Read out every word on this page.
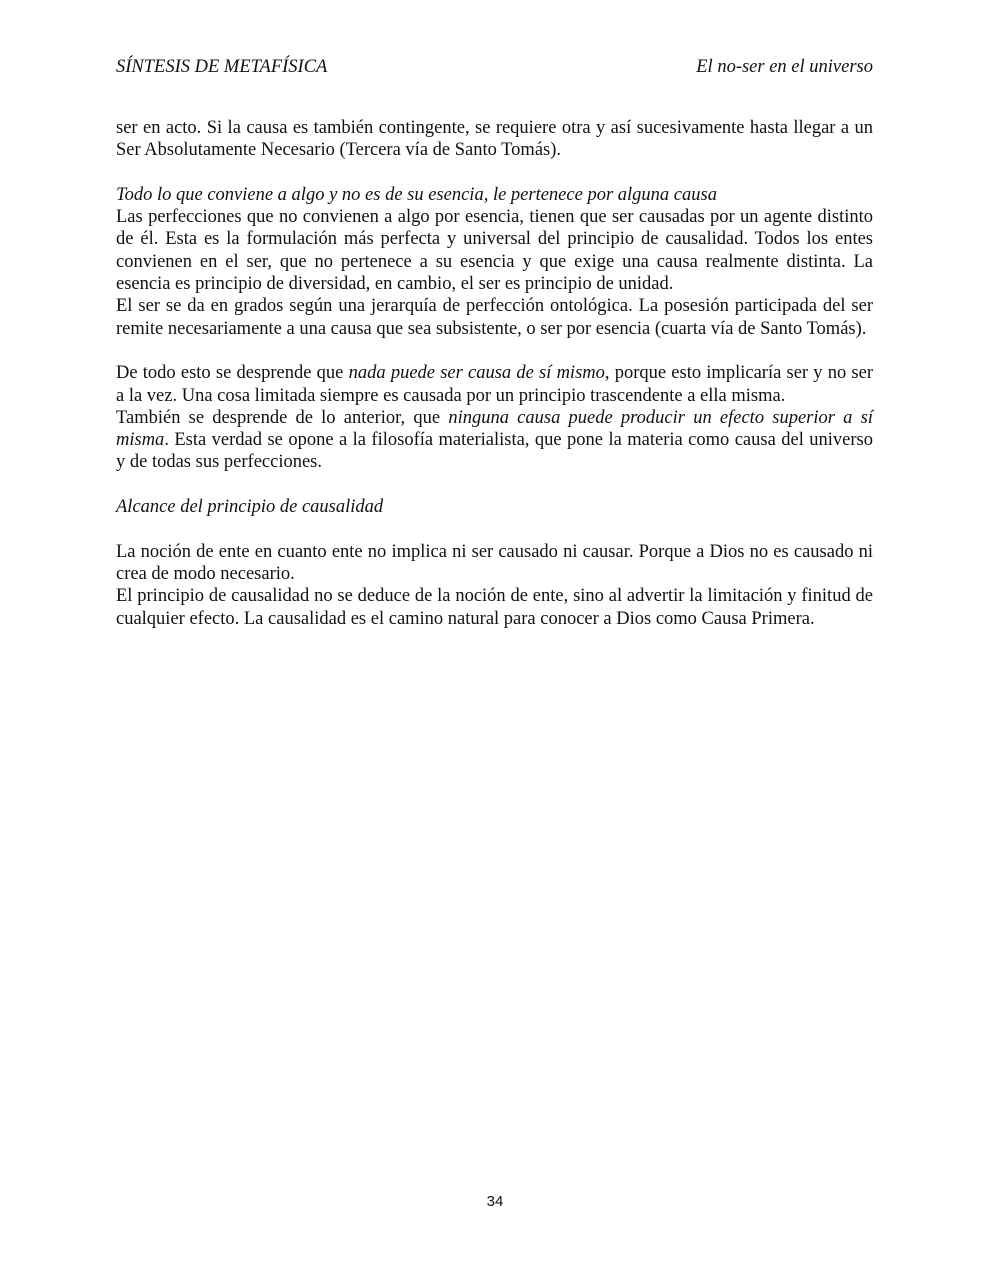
SÍNTESIS DE METAFÍSICA	El no-ser en el universo

ser en acto. Si la causa es también contingente, se requiere otra y así sucesivamente hasta llegar a un Ser Absolutamente Necesario (Tercera vía de Santo Tomás).

Todo lo que conviene a algo y no es de su esencia, le pertenece por alguna causa

Las perfecciones que no convienen a algo por esencia, tienen que ser causadas por un agente distinto de él. Esta es la formulación más perfecta y universal del principio de causalidad. Todos los entes convienen en el ser, que no pertenece a su esencia y que exige una causa realmente distinta. La esencia es principio de diversidad, en cambio, el ser es principio de unidad.

El ser se da en grados según una jerarquía de perfección ontológica. La posesión participada del ser remite necesariamente a una causa que sea subsistente, o ser por esencia (cuarta vía de Santo Tomás).

De todo esto se desprende que nada puede ser causa de sí mismo, porque esto implicaría ser y no ser a la vez. Una cosa limitada siempre es causada por un principio trascendente a ella misma.

También se desprende de lo anterior, que ninguna causa puede producir un efecto superior a sí misma. Esta verdad se opone a la filosofía materialista, que pone la materia como causa del universo y de todas sus perfecciones.

Alcance del principio de causalidad

La noción de ente en cuanto ente no implica ni ser causado ni causar. Porque a Dios no es causado ni crea de modo necesario.

El principio de causalidad no se deduce de la noción de ente, sino al advertir la limitación y finitud de cualquier efecto. La causalidad es el camino natural para conocer a Dios como Causa Primera.

34
